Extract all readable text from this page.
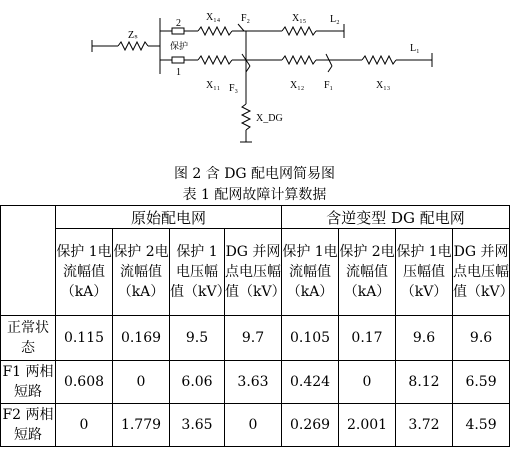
Zₛ
2
保护
1
X₁₄ F₂	X₁₅ L₂
L₁
X₁₁ F₃	X₁₂ F₁	X₁₃
X_DG
图 2 含 DG 配电网简易图
表 1 配网故障计算数据
	原始配电网				含逆变型 DG 配电网			
	保护 1电流幅值（kA）	保护 2电流幅值（kA）	保护 1电压幅值（kV）	DG 并网点电压幅值（kV）	保护 1电流幅值（kA）	保护 2电流幅值（kA）	保护 1电压幅值（kV）	DG 并网点电压幅值（kV）
正常状态	0.115	0.169	9.5	9.7	0.105	0.17	9.6	9.6
F1 两相短路	0.608	0	6.06	3.63	0.424	0	8.12	6.59
F2 两相短路	0	1.779	3.65	0	0.269	2.001	3.72	4.59
